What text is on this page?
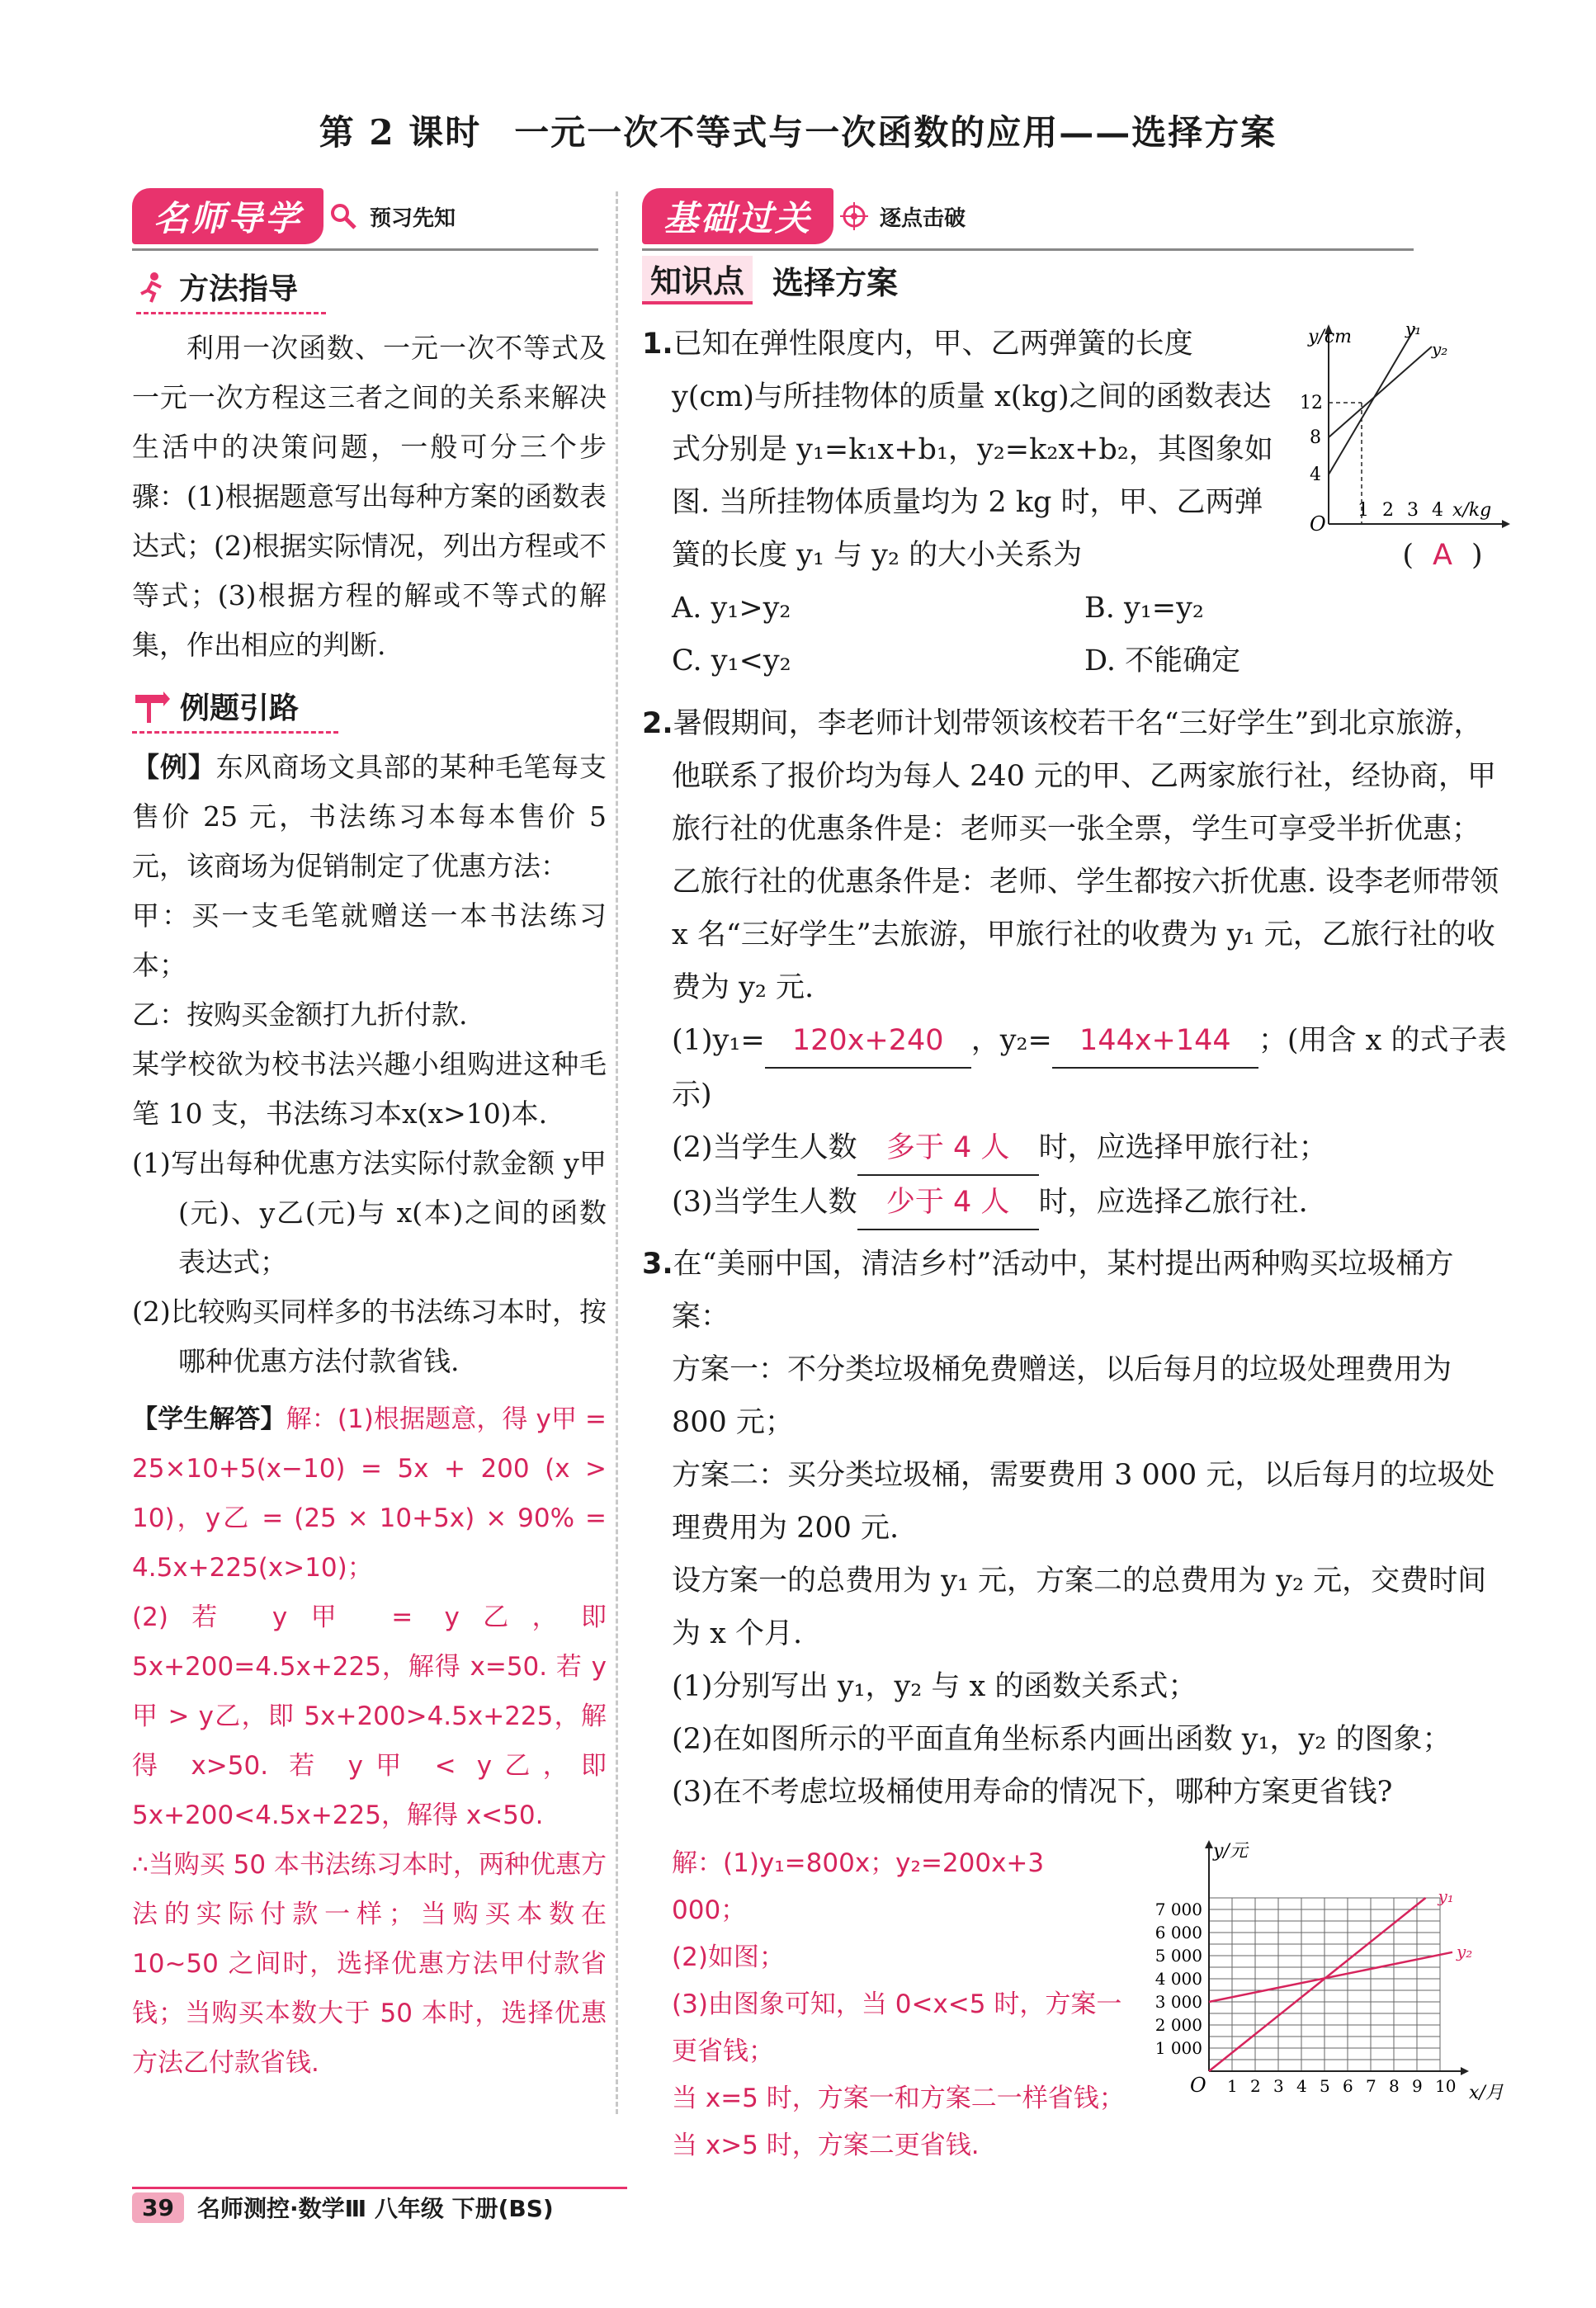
第 2 课时 一元一次不等式与一次函数的应用——选择方案
名师导学	预习先知
方法指导
利用一次函数、一元一次不等式及一元一次方程这三者之间的关系来解决生活中的决策问题，一般可分三个步骤：(1)根据题意写出每种方案的函数表达式；(2)根据实际情况，列出方程或不等式；(3)根据方程的解或不等式的解集，作出相应的判断.
例题引路
【例】东风商场文具部的某种毛笔每支售价 25 元，书法练习本每本售价 5 元，该商场为促销制定了优惠方法：
甲：买一支毛笔就赠送一本书法练习本；
乙：按购买金额打九折付款.
某学校欲为校书法兴趣小组购进这种毛笔 10 支，书法练习本x(x>10)本.
(1)写出每种优惠方法实际付款金额 y甲(元)、y乙(元)与 x(本)之间的函数表达式；
(2)比较购买同样多的书法练习本时，按哪种优惠方法付款省钱.
【学生解答】解：(1)根据题意，得 y甲 = 25×10+5(x−10) = 5x + 200 (x > 10)，y乙 = (25 × 10+5x) × 90% = 4.5x+225(x>10)；
(2)若 y甲 = y乙，即 5x+200=4.5x+225，解得 x=50. 若 y甲 > y乙，即 5x+200>4.5x+225，解得 x>50. 若 y甲 < y乙，即 5x+200<4.5x+225，解得 x<50.
∴当购买 50 本书法练习本时，两种优惠方法的实际付款一样；当购买本数在 10~50 之间时，选择优惠方法甲付款省钱；当购买本数大于 50 本时，选择优惠方法乙付款省钱.
基础过关	逐点击破
知识点 选择方案
1.已知在弹性限度内，甲、乙两弹簧的长度 y(cm)与所挂物体的质量 x(kg)之间的函数表达式分别是 y₁=k₁x+b₁，y₂=k₂x+b₂，其图象如图. 当所挂物体质量均为 2 kg 时，甲、乙两弹簧的长度 y₁ 与 y₂ 的大小关系为	( A )
A. y₁>y₂	B. y₁=y₂
C. y₁<y₂	D. 不能确定
y/cm
x/kg
O
4
8
12
1 2 3 4
y₁
y₂
2.暑假期间，李老师计划带领该校若干名“三好学生”到北京旅游，他联系了报价均为每人 240 元的甲、乙两家旅行社，经协商，甲旅行社的优惠条件是：老师买一张全票，学生可享受半折优惠；乙旅行社的优惠条件是：老师、学生都按六折优惠. 设李老师带领 x 名“三好学生”去旅游，甲旅行社的收费为 y₁ 元，乙旅行社的收费为 y₂ 元.
(1)y₁= 120x+240 ，y₂= 144x+144 ；(用含 x 的式子表示)
(2)当学生人数 多于 4 人 时，应选择甲旅行社；
(3)当学生人数 少于 4 人 时，应选择乙旅行社.
3.在“美丽中国，清洁乡村”活动中，某村提出两种购买垃圾桶方案：
方案一：不分类垃圾桶免费赠送，以后每月的垃圾处理费用为 800 元；
方案二：买分类垃圾桶，需要费用 3 000 元，以后每月的垃圾处理费用为 200 元.
设方案一的总费用为 y₁ 元，方案二的总费用为 y₂ 元，交费时间为 x 个月.
(1)分别写出 y₁，y₂ 与 x 的函数关系式；
(2)在如图所示的平面直角坐标系内画出函数 y₁，y₂ 的图象；
(3)在不考虑垃圾桶使用寿命的情况下，哪种方案更省钱?
解：(1)y₁=800x；y₂=200x+3 000；
(2)如图；
(3)由图象可知，当 0<x<5 时，方案一更省钱；
当 x=5 时，方案一和方案二一样省钱；
当 x>5 时，方案二更省钱.
1 2 3 4 5 6 7 8 9 10
1 000
2 000
3 000
4 000
5 000
6 000
7 000
y₁
y₂
y/元
x/月
O
39	名师测控·数学Ⅲ 八年级 下册(BS)
